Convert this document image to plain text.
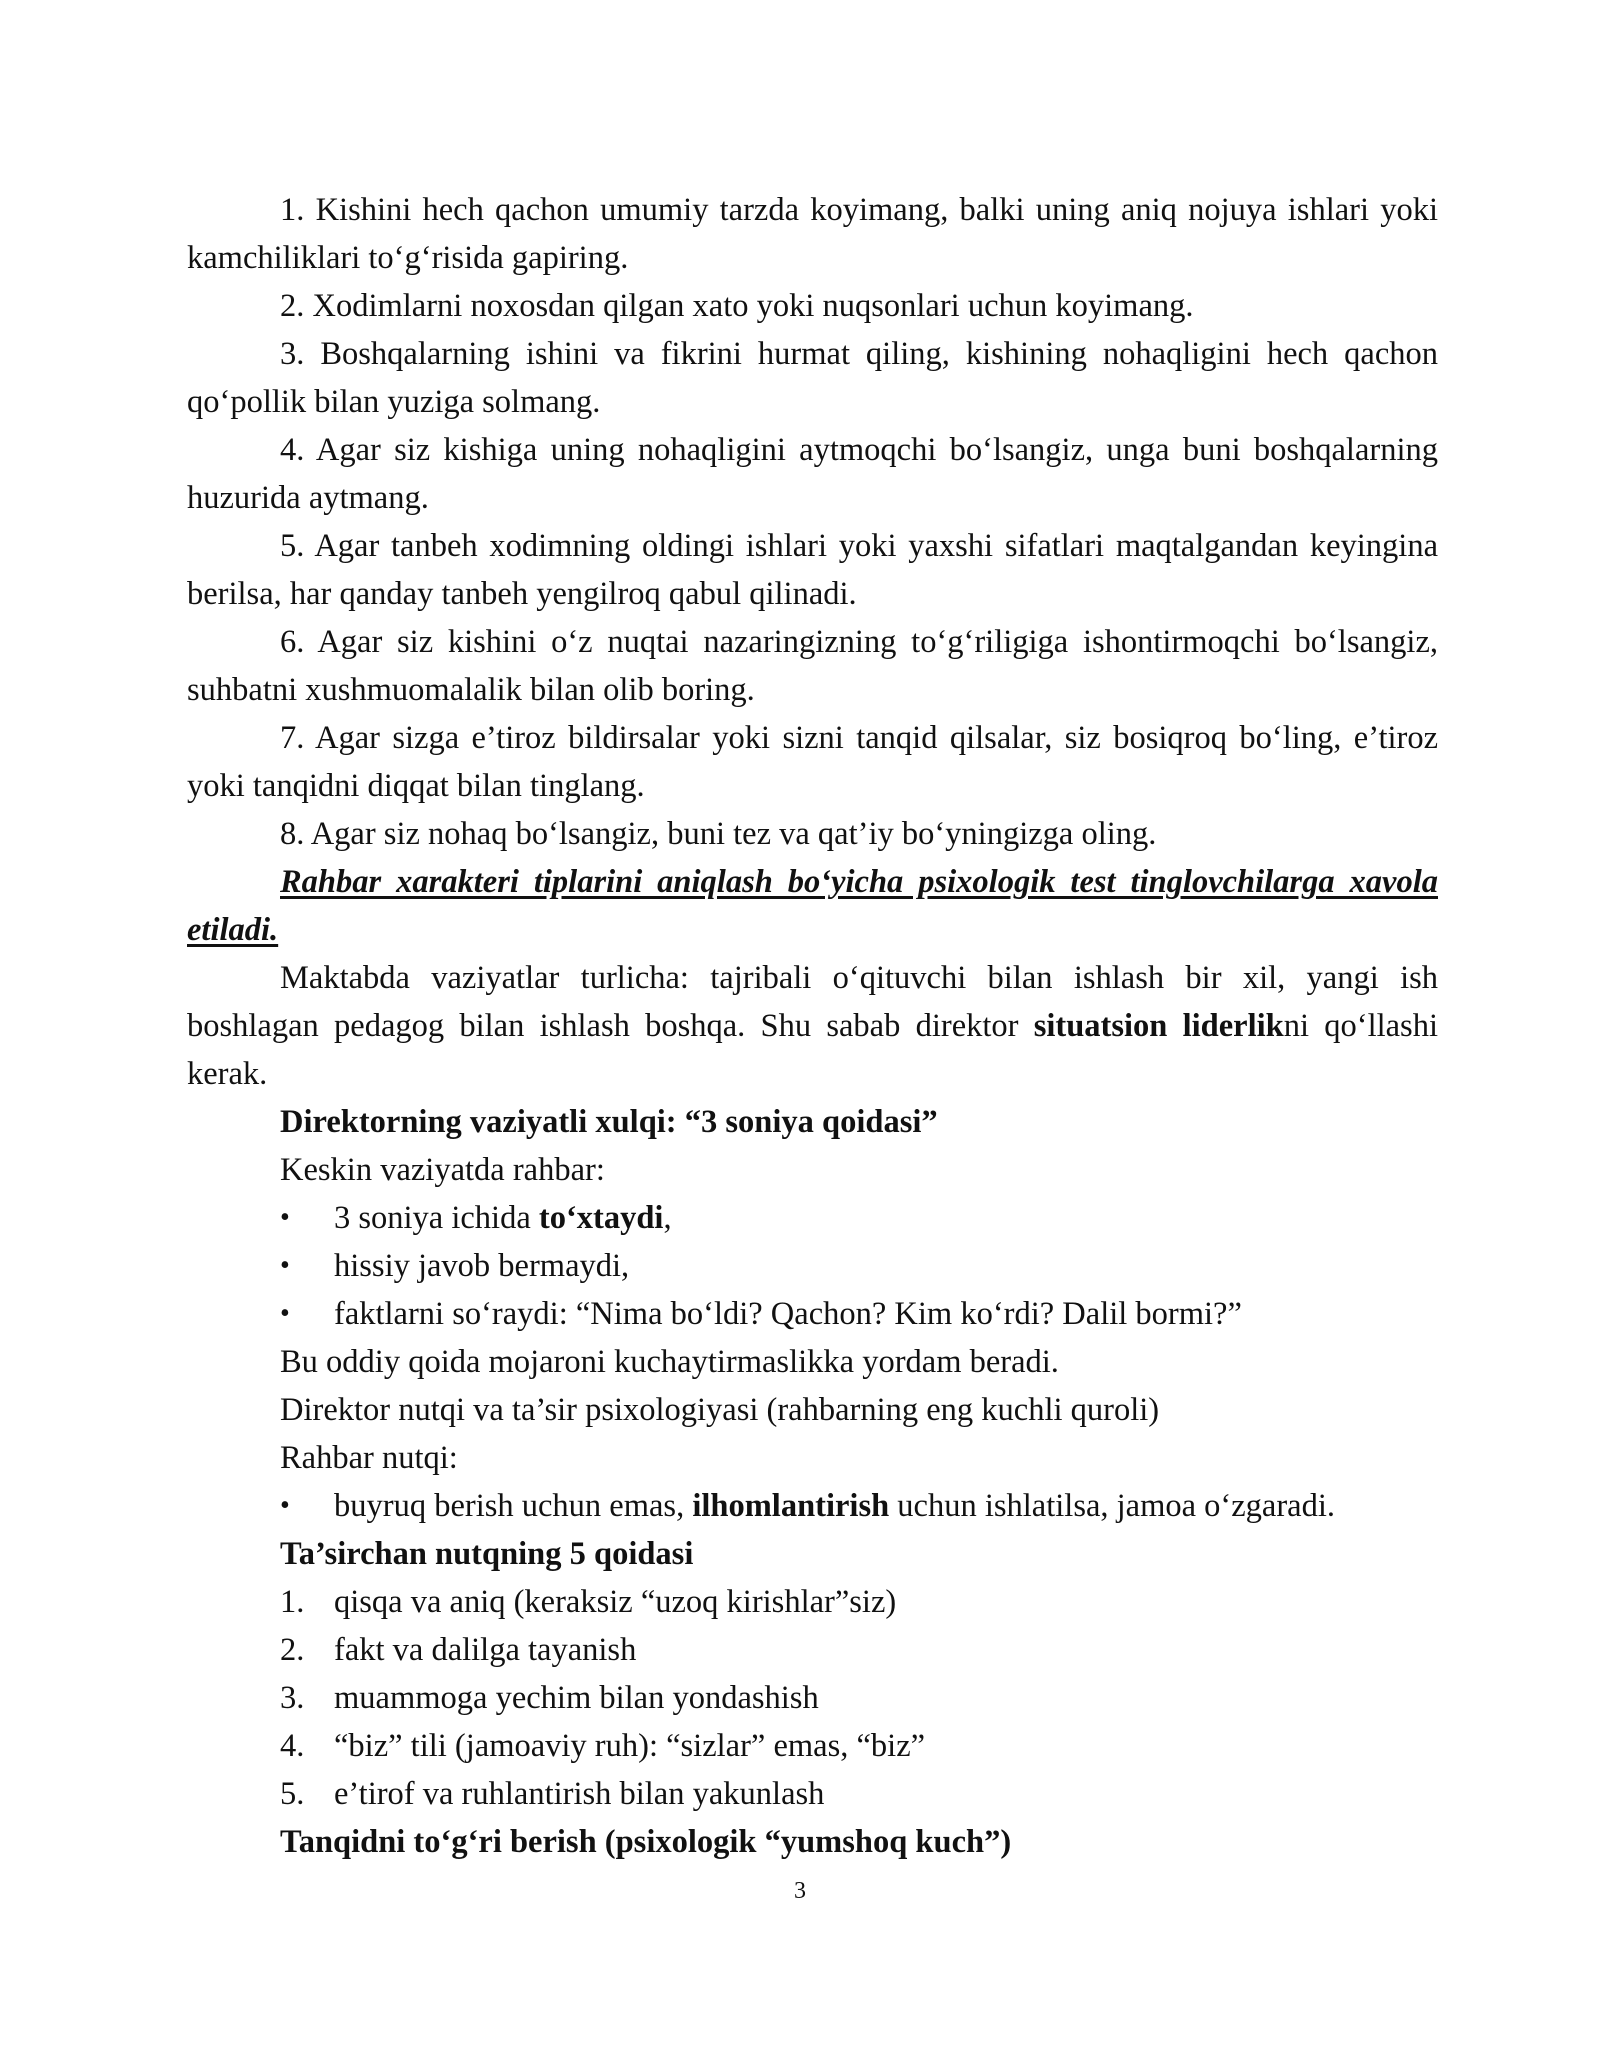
1. Kishini hech qachon umumiy tarzda koyimang, balki uning aniq nojuya ishlari yoki kamchiliklari to‘g‘risida gapiring.

2. Xodimlarni noxosdan qilgan xato yoki nuqsonlari uchun koyimang.

3. Boshqalarning ishini va fikrini hurmat qiling, kishining nohaqligini hech qachon qo‘pollik bilan yuziga solmang.

4. Agar siz kishiga uning nohaqligini aytmoqchi bo‘lsangiz, unga buni boshqalarning huzurida aytmang.

5. Agar tanbeh xodimning oldingi ishlari yoki yaxshi sifatlari maqtalgandan keyingina berilsa, har qanday tanbeh yengilroq qabul qilinadi.

6. Agar siz kishini o‘z nuqtai nazaringizning to‘g‘riligiga ishontirmoqchi bo‘lsangiz, suhbatni xushmuomalalik bilan olib boring.

7. Agar sizga e’tiroz bildirsalar yoki sizni tanqid qilsalar, siz bosiqroq bo‘ling, e’tiroz yoki tanqidni diqqat bilan tinglang.

8. Agar siz nohaq bo‘lsangiz, buni tez va qat’iy bo‘yningizga oling.

Rahbar xarakteri tiplarini aniqlash bo‘yicha psixologik test tinglovchilarga xavola etiladi.

Maktabda vaziyatlar turlicha: tajribali o‘qituvchi bilan ishlash bir xil, yangi ish boshlagan pedagog bilan ishlash boshqa. Shu sabab direktor situatsion liderlikni qo‘llashi kerak.

Direktorning vaziyatli xulqi: “3 soniya qoidasi”

Keskin vaziyatda rahbar:

•	3 soniya ichida to‘xtaydi,
•	hissiy javob bermaydi,
•	faktlarni so‘raydi: “Nima bo‘ldi? Qachon? Kim ko‘rdi? Dalil bormi?”

Bu oddiy qoida mojaroni kuchaytirmaslikka yordam beradi.

Direktor nutqi va ta’sir psixologiyasi (rahbarning eng kuchli quroli)

Rahbar nutqi:

•	buyruq berish uchun emas, ilhomlantirish uchun ishlatilsa, jamoa o‘zgaradi.

Ta’sirchan nutqning 5 qoidasi

1. qisqa va aniq (keraksiz “uzoq kirishlar”siz)
2. fakt va dalilga tayanish
3. muammoga yechim bilan yondashish
4. “biz” tili (jamoaviy ruh): “sizlar” emas, “biz”
5. e’tirof va ruhlantirish bilan yakunlash

Tanqidni to‘g‘ri berish (psixologik “yumshoq kuch”)

3
